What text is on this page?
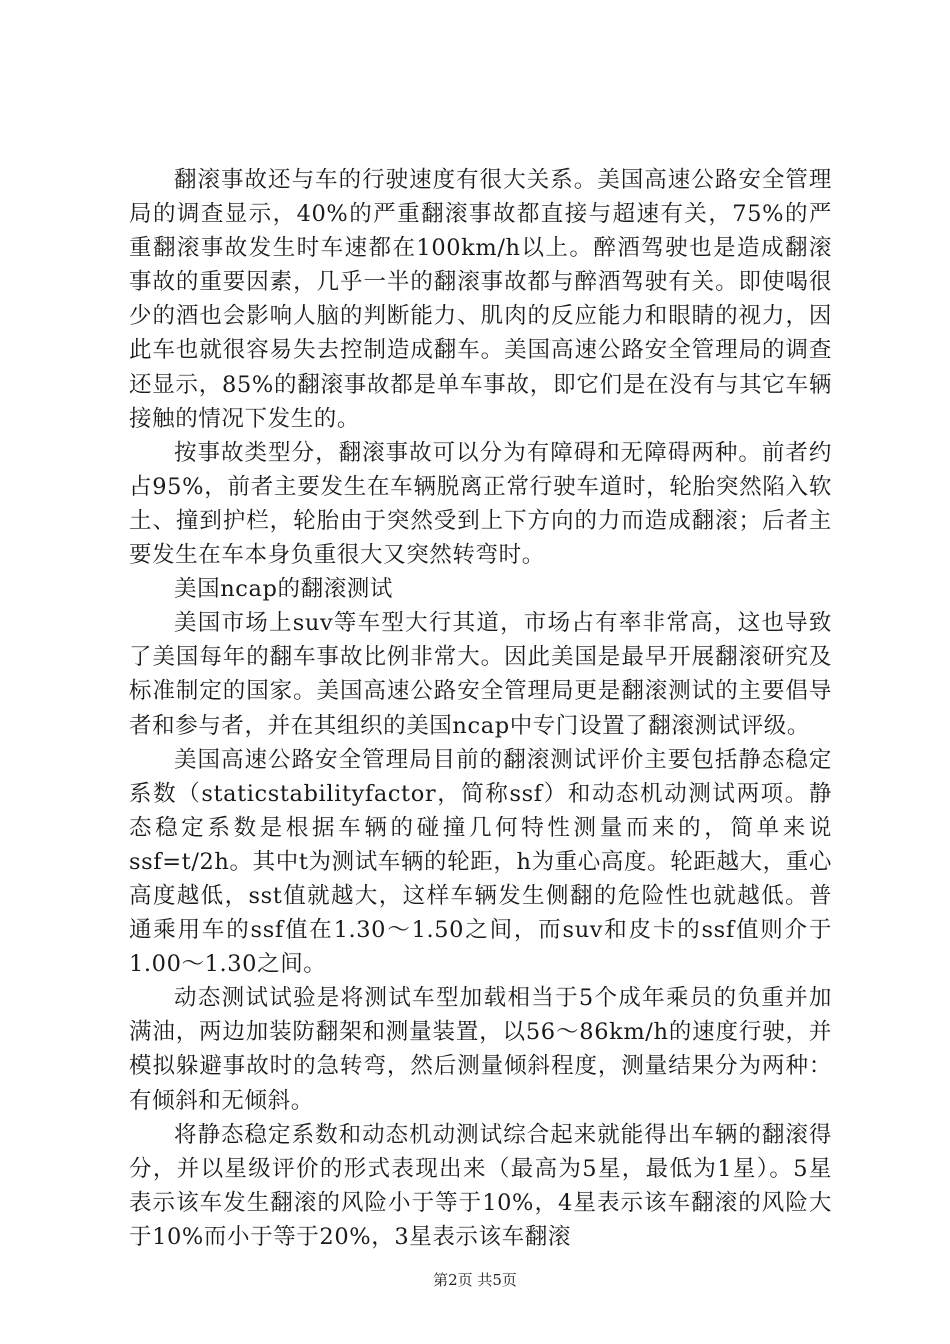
翻滚事故还与车的行驶速度有很大关系。美国高速公路安全管理局的调查显示，40%的严重翻滚事故都直接与超速有关，75%的严重翻滚事故发生时车速都在100km/h以上。醉酒驾驶也是造成翻滚事故的重要因素，几乎一半的翻滚事故都与醉酒驾驶有关。即使喝很少的酒也会影响人脑的判断能力、肌肉的反应能力和眼睛的视力，因此车也就很容易失去控制造成翻车。美国高速公路安全管理局的调查还显示，85%的翻滚事故都是单车事故，即它们是在没有与其它车辆接触的情况下发生的。

按事故类型分，翻滚事故可以分为有障碍和无障碍两种。前者约占95%，前者主要发生在车辆脱离正常行驶车道时，轮胎突然陷入软土、撞到护栏，轮胎由于突然受到上下方向的力而造成翻滚；后者主要发生在车本身负重很大又突然转弯时。

美国ncap的翻滚测试

美国市场上suv等车型大行其道，市场占有率非常高，这也导致了美国每年的翻车事故比例非常大。因此美国是最早开展翻滚研究及标准制定的国家。美国高速公路安全管理局更是翻滚测试的主要倡导者和参与者，并在其组织的美国ncap中专门设置了翻滚测试评级。

美国高速公路安全管理局目前的翻滚测试评价主要包括静态稳定系数（staticstabilityfactor，简称ssf）和动态机动测试两项。静态稳定系数是根据车辆的碰撞几何特性测量而来的，简单来说ssf=t/2h。其中t为测试车辆的轮距，h为重心高度。轮距越大，重心高度越低，sst值就越大，这样车辆发生侧翻的危险性也就越低。普通乘用车的ssf值在1.30～1.50之间，而suv和皮卡的ssf值则介于1.00～1.30之间。

动态测试试验是将测试车型加载相当于5个成年乘员的负重并加满油，两边加装防翻架和测量装置，以56～86km/h的速度行驶，并模拟躲避事故时的急转弯，然后测量倾斜程度，测量结果分为两种：有倾斜和无倾斜。

将静态稳定系数和动态机动测试综合起来就能得出车辆的翻滚得分，并以星级评价的形式表现出来（最高为5星，最低为1星）。5星表示该车发生翻滚的风险小于等于10%，4星表示该车翻滚的风险大于10%而小于等于20%，3星表示该车翻滚

第2页 共5页
